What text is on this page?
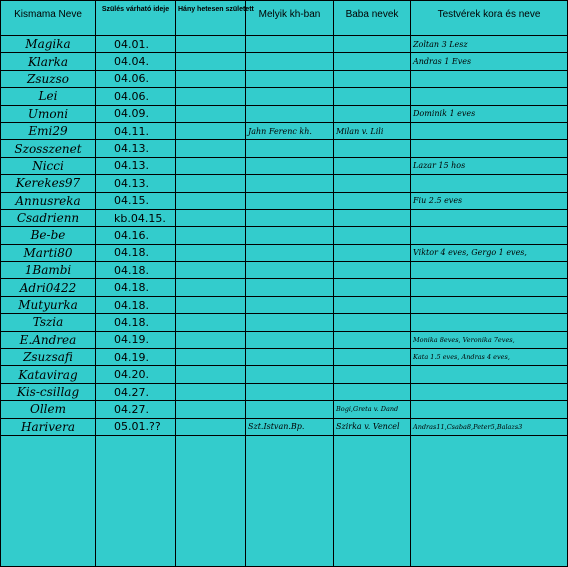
Kismama Neve	Szülés várható ideje	Hány hetesen született	Melyik kh-ban	Baba nevek	Testvérek kora és neve
Magika	04.01.				Zoltan 3 Lesz
Klarka	04.04.				Andras 1 Eves
Zsuzso	04.06.				
Lei	04.06.				
Umoni	04.09.				Dominik 1 eves
Emi29	04.11.		Jahn Ferenc kh.	Milan v. Lili	
Szosszenet	04.13.				
Nicci	04.13.				Lazar 15 hos
Kerekes97	04.13.				
Annusreka	04.15.				Fiu 2.5 eves
Csadrienn	kb.04.15.				
Be-be	04.16.				
Marti80	04.18.				Viktor 4 eves, Gergo 1 eves,
1Bambi	04.18.				
Adri0422	04.18.				
Mutyurka	04.18.				
Tszia	04.18.				
E.Andrea	04.19.				Monika 8eves, Veronika 7eves,
Zsuzsafi	04.19.				Kata 1.5 eves, Andras 4 eves,
Katavirag	04.20.				
Kis-csillag	04.27.				
Ollem	04.27.			Bogi,Greta v. Dand	
Harivera	05.01.??		Szt.Istvan.Bp.	Szirka v. Vencel	Andras11,Csaba8,Peter5,Balazs3
